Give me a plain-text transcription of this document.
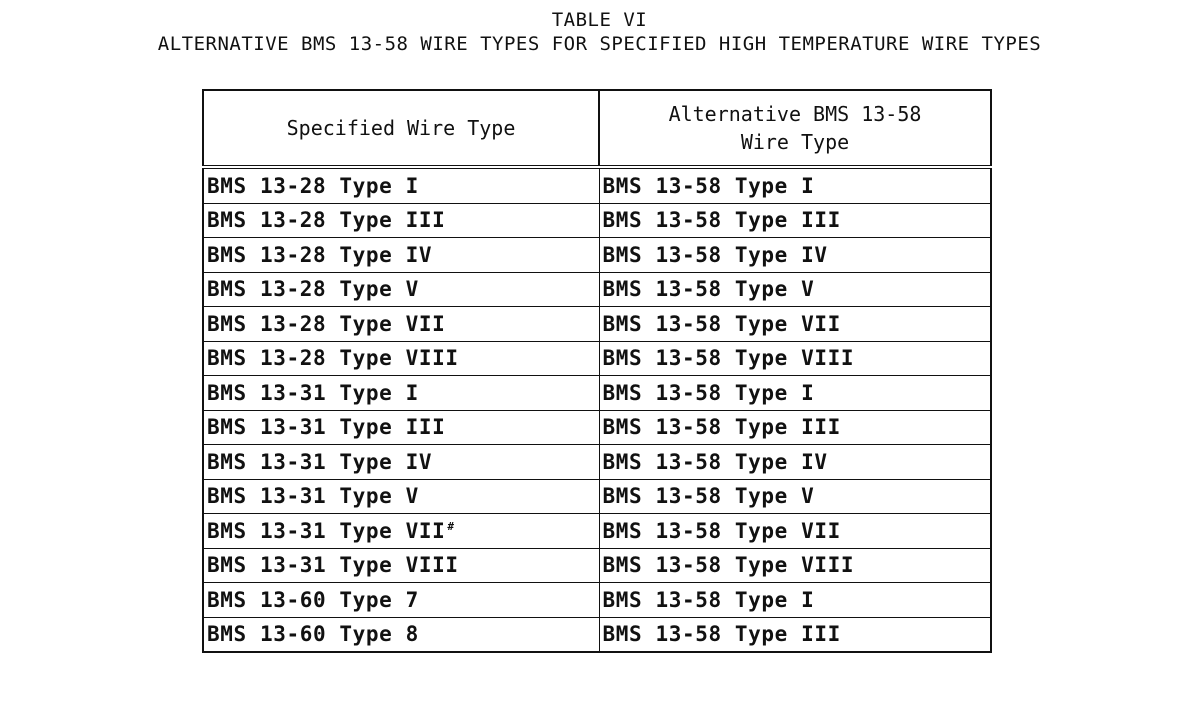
TABLE VI
ALTERNATIVE BMS 13-58 WIRE TYPES FOR SPECIFIED HIGH TEMPERATURE WIRE TYPES
Specified Wire Type	Alternative BMS 13-58
Wire Type
BMS 13-28 Type I	BMS 13-58 Type I
BMS 13-28 Type III	BMS 13-58 Type III
BMS 13-28 Type IV	BMS 13-58 Type IV
BMS 13-28 Type V	BMS 13-58 Type V
BMS 13-28 Type VII	BMS 13-58 Type VII
BMS 13-28 Type VIII	BMS 13-58 Type VIII
BMS 13-31 Type I	BMS 13-58 Type I
BMS 13-31 Type III	BMS 13-58 Type III
BMS 13-31 Type IV	BMS 13-58 Type IV
BMS 13-31 Type V	BMS 13-58 Type V
BMS 13-31 Type VII #	BMS 13-58 Type VII
BMS 13-31 Type VIII	BMS 13-58 Type VIII
BMS 13-60 Type 7	BMS 13-58 Type I
BMS 13-60 Type 8	BMS 13-58 Type III
